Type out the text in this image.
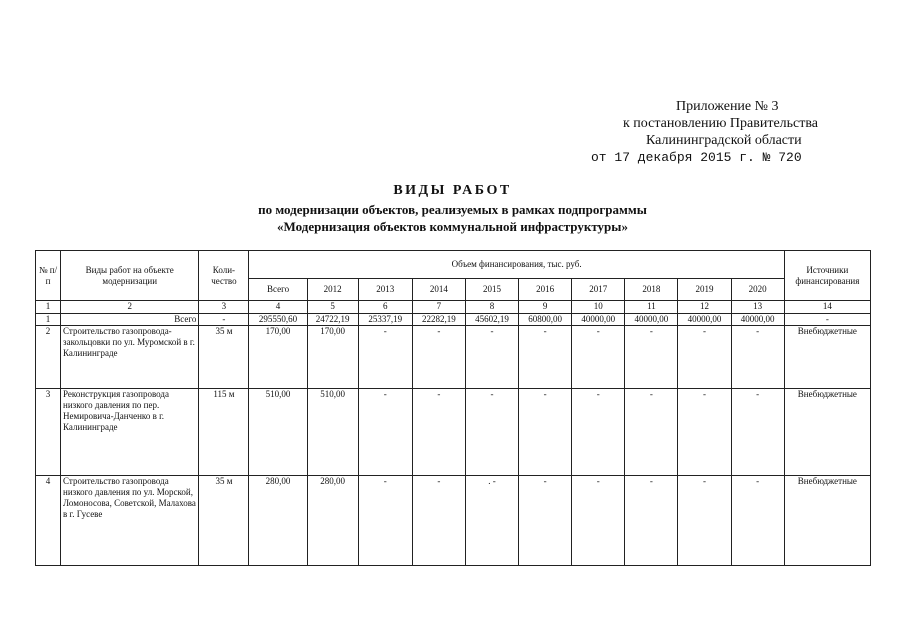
Приложение № 3
к постановлению Правительства
Калининградской области
от 17 декабря 2015 г. № 720
ВИДЫ РАБОТ
по модернизации объектов, реализуемых в рамках подпрограммы
«Модернизация объектов коммунальной инфраструктуры»
№ п/п	Виды работ на объекте модернизации	Коли-чество	Объем финансирования, тыс. руб.										Источники финансирования
			Всего	2012	2013	2014	2015	2016	2017	2018	2019	2020	
1	2	3	4	5	6	7	8	9	10	11	12	13	14
1	Всего	-	295550,60	24722,19	25337,19	22282,19	45602,19	60800,00	40000,00	40000,00	40000,00	40000,00	-
2	Строительство газопровода-закольцовки по ул. Муромской в г. Калининграде	35 м	170,00	170,00	-	-	-	-	-	-	-	-	Внебюджетные
3	Реконструкция газопровода низкого давления по пер. Немировича-Данченко в г. Калининграде	115 м	510,00	510,00	-	-	-	-	-	-	-	-	Внебюджетные
4	Строительство газопровода низкого давления по ул. Морской, Ломоносова, Советской, Малахова в г. Гусеве	35 м	280,00	280,00	-	-	. -	-	-	-	-	-	Внебюджетные
